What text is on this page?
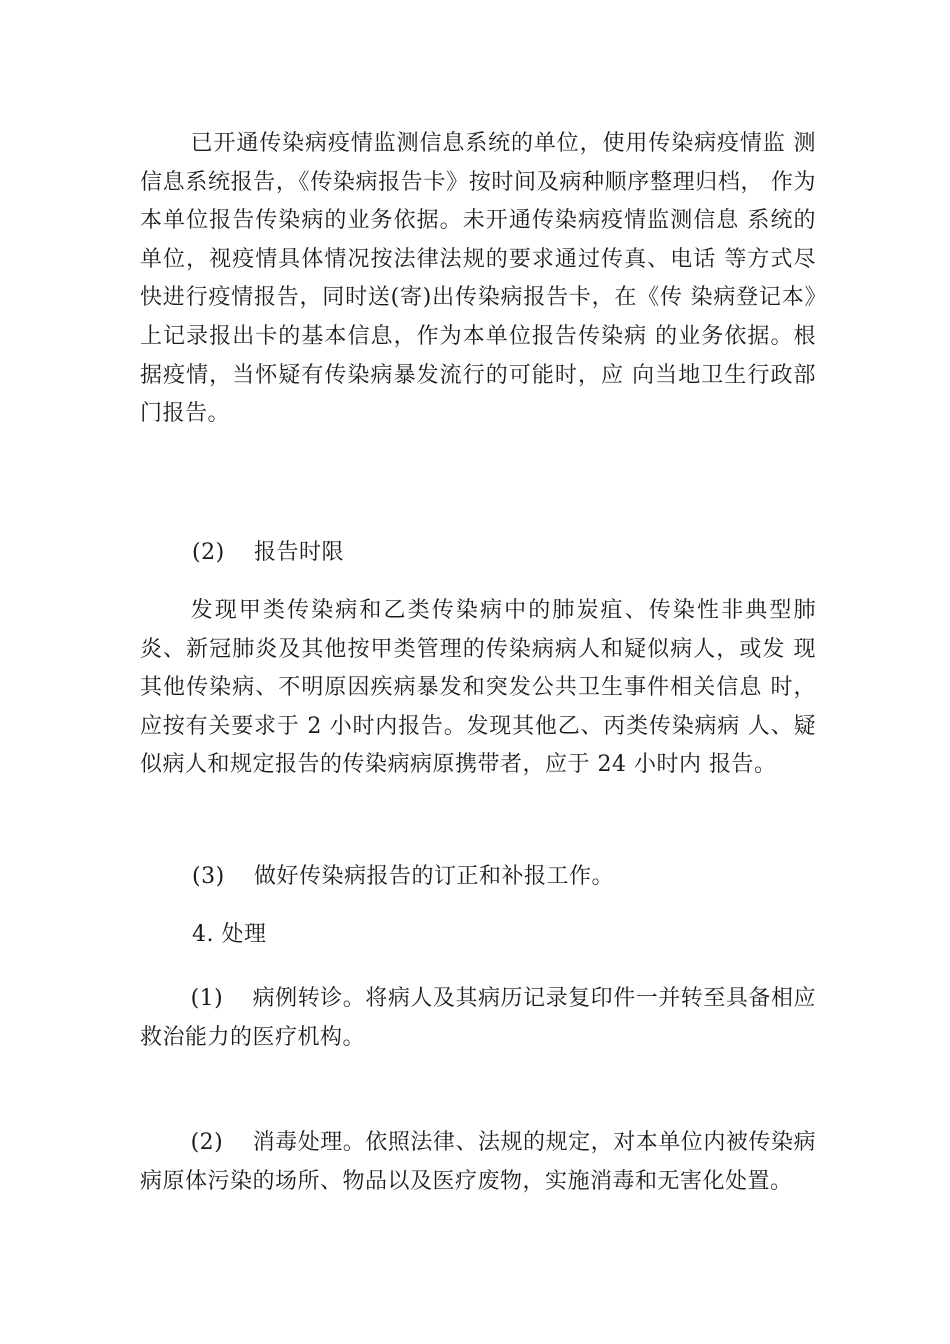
已开通传染病疫情监测信息系统的单位，使用传染病疫情监 测信息系统报告，《传染病报告卡》按时间及病种顺序整理归档， 作为本单位报告传染病的业务依据。未开通传染病疫情监测信息 系统的单位，视疫情具体情况按法律法规的要求通过传真、电话 等方式尽快进行疫情报告，同时送(寄)出传染病报告卡，在《传 染病登记本》上记录报出卡的基本信息，作为本单位报告传染病 的业务依据。根据疫情，当怀疑有传染病暴发流行的可能时，应 向当地卫生行政部门报告。

(2) 报告时限

发现甲类传染病和乙类传染病中的肺炭疽、传染性非典型肺炎、新冠肺炎及其他按甲类管理的传染病病人和疑似病人，或发 现其他传染病、不明原因疾病暴发和突发公共卫生事件相关信息 时，应按有关要求于 2 小时内报告。发现其他乙、丙类传染病病 人、疑似病人和规定报告的传染病病原携带者，应于 24 小时内 报告。

(3) 做好传染病报告的订正和补报工作。

4. 处理

(1) 病例转诊。将病人及其病历记录复印件一并转至具备相应救治能力的医疗机构。

(2) 消毒处理。依照法律、法规的规定，对本单位内被传染病病原体污染的场所、物品以及医疗废物，实施消毒和无害化处置。
